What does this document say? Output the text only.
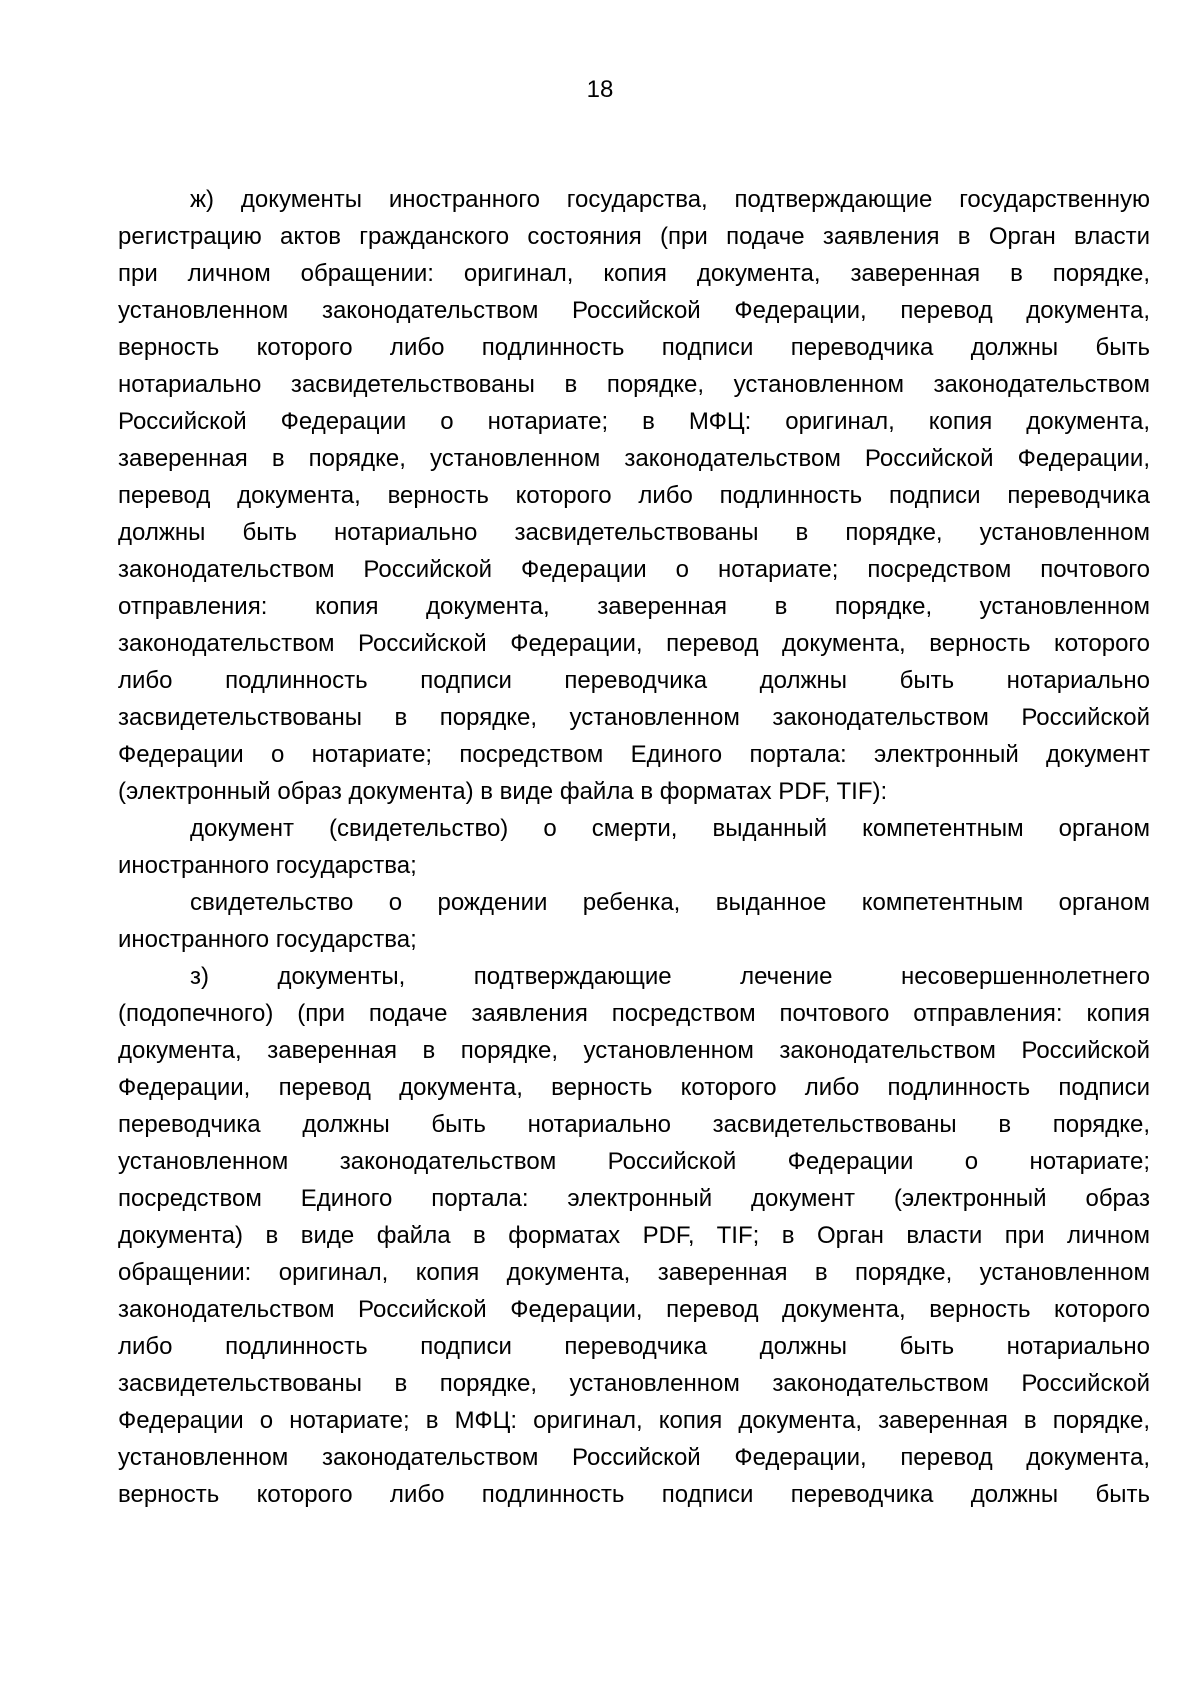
18
ж) документы иностранного государства, подтверждающие государственную
регистрацию актов гражданского состояния (при подаче заявления в Орган власти
при личном обращении: оригинал, копия документа, заверенная в порядке,
установленном законодательством Российской Федерации, перевод документа,
верность которого либо подлинность подписи переводчика должны быть
нотариально засвидетельствованы в порядке, установленном законодательством
Российской Федерации о нотариате; в МФЦ: оригинал, копия документа,
заверенная в порядке, установленном законодательством Российской Федерации,
перевод документа, верность которого либо подлинность подписи переводчика
должны быть нотариально засвидетельствованы в порядке, установленном
законодательством Российской Федерации о нотариате; посредством почтового
отправления: копия документа, заверенная в порядке, установленном
законодательством Российской Федерации, перевод документа, верность которого
либо подлинность подписи переводчика должны быть нотариально
засвидетельствованы в порядке, установленном законодательством Российской
Федерации о нотариате; посредством Единого портала: электронный документ
(электронный образ документа) в виде файла в форматах PDF, TIF):
документ (свидетельство) о смерти, выданный компетентным органом
иностранного государства;
свидетельство о рождении ребенка, выданное компетентным органом
иностранного государства;
з) документы, подтверждающие лечение несовершеннолетнего
(подопечного) (при подаче заявления посредством почтового отправления: копия
документа, заверенная в порядке, установленном законодательством Российской
Федерации, перевод документа, верность которого либо подлинность подписи
переводчика должны быть нотариально засвидетельствованы в порядке,
установленном законодательством Российской Федерации о нотариате;
посредством Единого портала: электронный документ (электронный образ
документа) в виде файла в форматах PDF, TIF; в Орган власти при личном
обращении: оригинал, копия документа, заверенная в порядке, установленном
законодательством Российской Федерации, перевод документа, верность которого
либо подлинность подписи переводчика должны быть нотариально
засвидетельствованы в порядке, установленном законодательством Российской
Федерации о нотариате; в МФЦ: оригинал, копия документа, заверенная в порядке,
установленном законодательством Российской Федерации, перевод документа,
верность которого либо подлинность подписи переводчика должны быть
